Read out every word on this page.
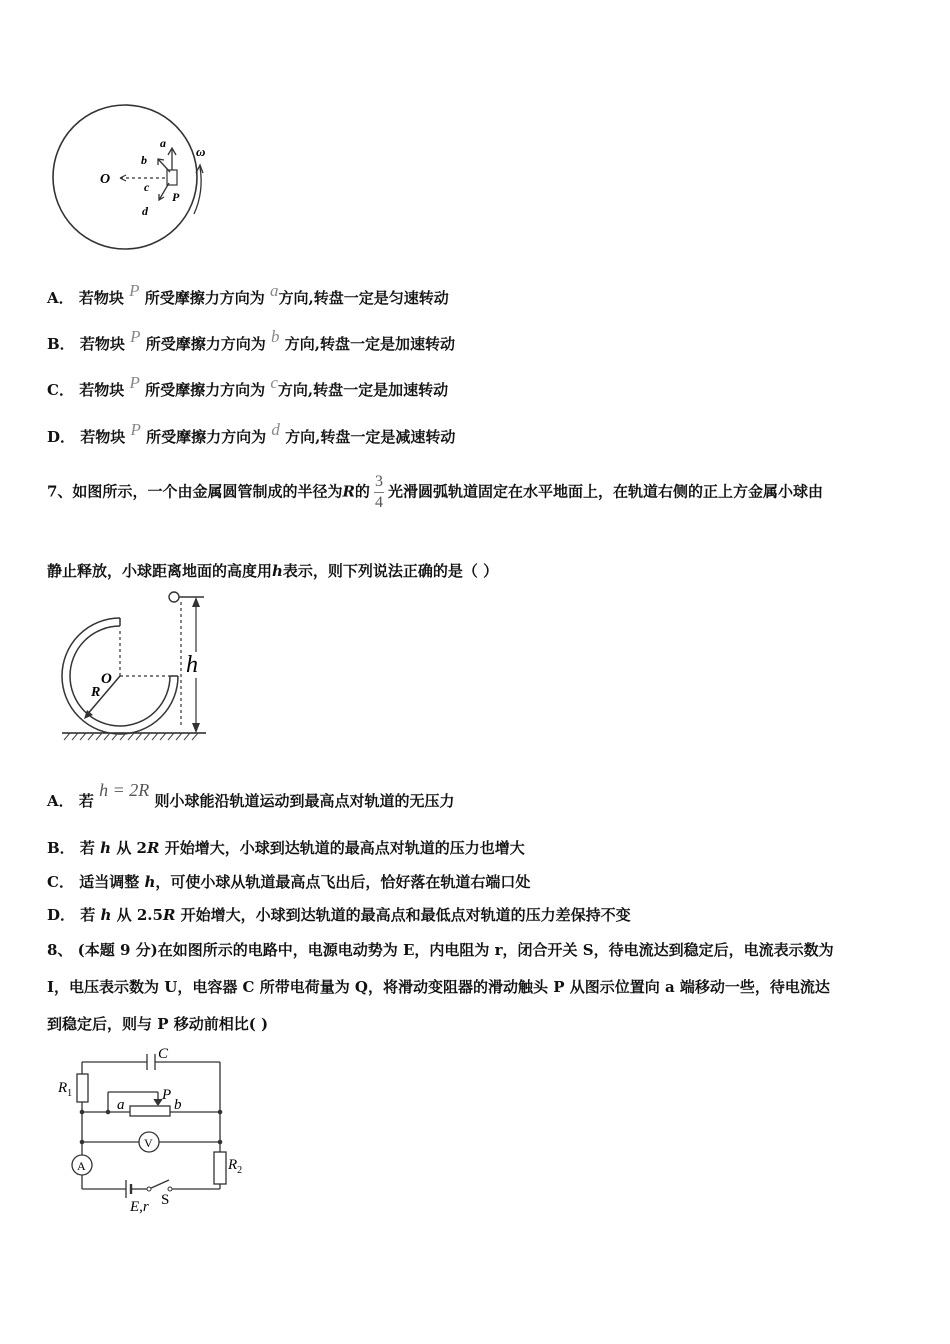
O
a
b
c
d
P
ω
A． 若物块 P 所受摩擦力方向为 a方向,转盘一定是匀速转动
B． 若物块 P 所受摩擦力方向为 b 方向,转盘一定是加速转动
C． 若物块 P 所受摩擦力方向为 c方向,转盘一定是加速转动
D． 若物块 P 所受摩擦力方向为 d 方向,转盘一定是减速转动
7、如图所示，一个由金属圆管制成的半径为R的 $\frac{3}{4}$ 光滑圆弧轨道固定在水平地面上，在轨道右侧的正上方金属小球由
静止释放，小球距离地面的高度用h表示，则下列说法正确的是（ ）
O
R
h
A． 若 h = 2R 则小球能沿轨道运动到最高点对轨道的无压力
B． 若 h 从 2R 开始增大，小球到达轨道的最高点对轨道的压力也增大
C． 适当调整 h，可使小球从轨道最高点飞出后，恰好落在轨道右端口处
D． 若 h 从 2.5R 开始增大，小球到达轨道的最高点和最低点对轨道的压力差保持不变
8、 (本题 9 分)在如图所示的电路中，电源电动势为 E，内电阻为 r，闭合开关 S，待电流达到稳定后，电流表示数为
I，电压表示数为 U，电容器 C 所带电荷量为 Q，将滑动变阻器的滑动触头 P 从图示位置向 a 端移动一些，待电流达
到稳定后，则与 P 移动前相比( )
C
$R_1$
a
P
b
V
A	$R_2$
E,r S
